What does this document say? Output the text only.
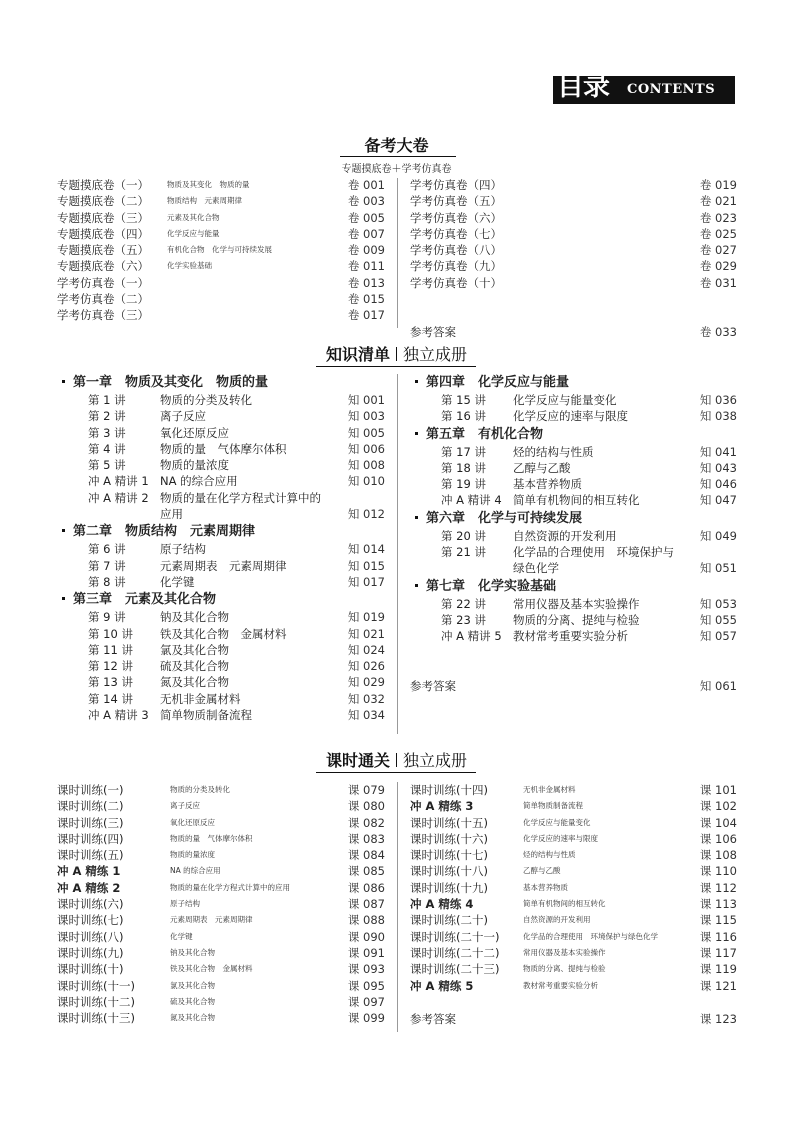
目录 CONTENTS
备考大卷
专题摸底卷＋学考仿真卷
专题摸底卷（一） 物质及其变化　物质的量	卷 001
专题摸底卷（二） 物质结构　元素周期律	卷 003
专题摸底卷（三） 元素及其化合物	卷 005
专题摸底卷（四） 化学反应与能量	卷 007
专题摸底卷（五） 有机化合物　化学与可持续发展	卷 009
专题摸底卷（六） 化学实验基础	卷 011
学考仿真卷（一）	卷 013
学考仿真卷（二）	卷 015
学考仿真卷（三）	卷 017
学考仿真卷（四）	卷 019
学考仿真卷（五）	卷 021
学考仿真卷（六）	卷 023
学考仿真卷（七）	卷 025
学考仿真卷（八）	卷 027
学考仿真卷（九）	卷 029
学考仿真卷（十）	卷 031
参考答案	卷 033
知识清单 独立成册
第一章　物质及其变化　物质的量
第 1 讲	物质的分类及转化	知 001
第 2 讲	离子反应	知 003
第 3 讲	氧化还原反应	知 005
第 4 讲	物质的量　气体摩尔体积	知 006
第 5 讲	物质的量浓度	知 008
冲 A 精讲 1 NA 的综合应用	知 010
冲 A 精讲 2 物质的量在化学方程式计算中的
应用	知 012
第二章　物质结构　元素周期律
第 6 讲	原子结构	知 014
第 7 讲	元素周期表　元素周期律	知 015
第 8 讲	化学键	知 017
第三章　元素及其化合物
第 9 讲	钠及其化合物	知 019
第 10 讲 铁及其化合物　金属材料	知 021
第 11 讲 氯及其化合物	知 024
第 12 讲 硫及其化合物	知 026
第 13 讲 氮及其化合物	知 029
第 14 讲 无机非金属材料	知 032
冲 A 精讲 3 简单物质制备流程	知 034
第四章　化学反应与能量
第 15 讲 化学反应与能量变化	知 036
第 16 讲 化学反应的速率与限度	知 038
第五章　有机化合物
第 17 讲 烃的结构与性质	知 041
第 18 讲 乙醇与乙酸	知 043
第 19 讲 基本营养物质	知 046
冲 A 精讲 4 简单有机物间的相互转化	知 047
第六章　化学与可持续发展
第 20 讲 自然资源的开发利用	知 049
第 21 讲 化学品的合理使用　环境保护与
绿色化学	知 051
第七章　化学实验基础
第 22 讲 常用仪器及基本实验操作	知 053
第 23 讲 物质的分离、提纯与检验	知 055
冲 A 精讲 5 教材常考重要实验分析	知 057
参考答案	知 061
课时通关 独立成册
课时训练(一)	物质的分类及转化	课 079
课时训练(二)	离子反应	课 080
课时训练(三)	氧化还原反应	课 082
课时训练(四)	物质的量　气体摩尔体积	课 083
课时训练(五)	物质的量浓度	课 084
冲 A 精练 1	NA 的综合应用	课 085
冲 A 精练 2	物质的量在化学方程式计算中的应用	课 086
课时训练(六)	原子结构	课 087
课时训练(七)	元素周期表　元素周期律	课 088
课时训练(八)	化学键	课 090
课时训练(九)	钠及其化合物	课 091
课时训练(十)	铁及其化合物　金属材料	课 093
课时训练(十一)	氯及其化合物	课 095
课时训练(十二)	硫及其化合物	课 097
课时训练(十三)	氮及其化合物	课 099
课时训练(十四)	无机非金属材料	课 101
冲 A 精练 3	简单物质制备流程	课 102
课时训练(十五)	化学反应与能量变化	课 104
课时训练(十六)	化学反应的速率与限度	课 106
课时训练(十七)	烃的结构与性质	课 108
课时训练(十八)	乙醇与乙酸	课 110
课时训练(十九)	基本营养物质	课 112
冲 A 精练 4	简单有机物间的相互转化	课 113
课时训练(二十)	自然资源的开发利用	课 115
课时训练(二十一)	化学品的合理使用　环境保护与绿色化学	课 116
课时训练(二十二)	常用仪器及基本实验操作	课 117
课时训练(二十三)	物质的分离、提纯与检验	课 119
冲 A 精练 5	教材常考重要实验分析	课 121
参考答案	课 123
